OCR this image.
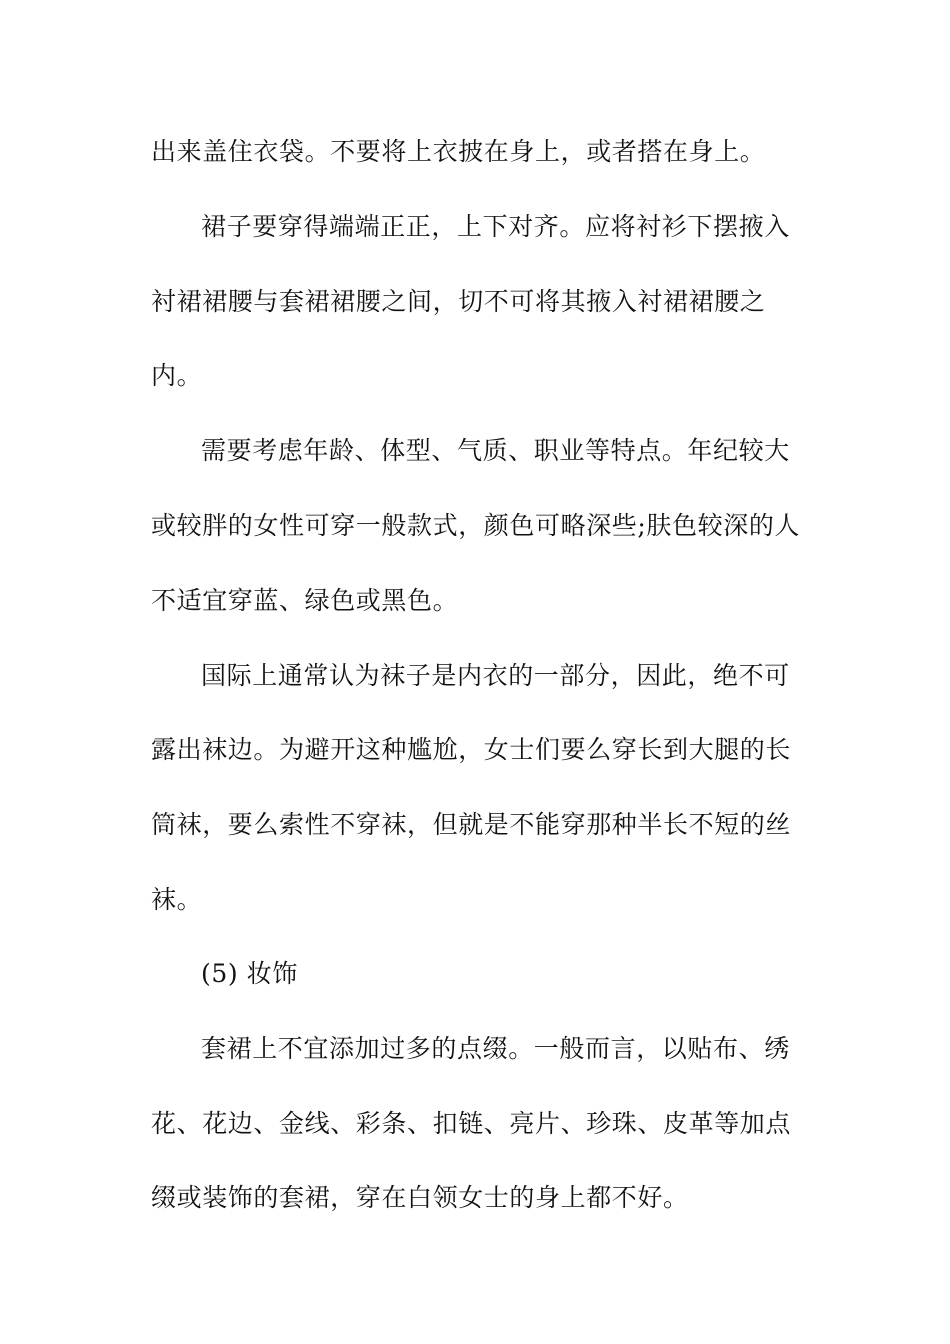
出来盖住衣袋。不要将上衣披在身上，或者搭在身上。
裙子要穿得端端正正，上下对齐。应将衬衫下摆掖入
衬裙裙腰与套裙裙腰之间，切不可将其掖入衬裙裙腰之
内。
需要考虑年龄、体型、气质、职业等特点。年纪较大
或较胖的女性可穿一般款式，颜色可略深些;肤色较深的人
不适宜穿蓝、绿色或黑色。
国际上通常认为袜子是内衣的一部分，因此，绝不可
露出袜边。为避开这种尴尬，女士们要么穿长到大腿的长
筒袜，要么索性不穿袜，但就是不能穿那种半长不短的丝
袜。
(5) 妆饰
套裙上不宜添加过多的点缀。一般而言，以贴布、绣
花、花边、金线、彩条、扣链、亮片、珍珠、皮革等加点
缀或装饰的套裙，穿在白领女士的身上都不好。
